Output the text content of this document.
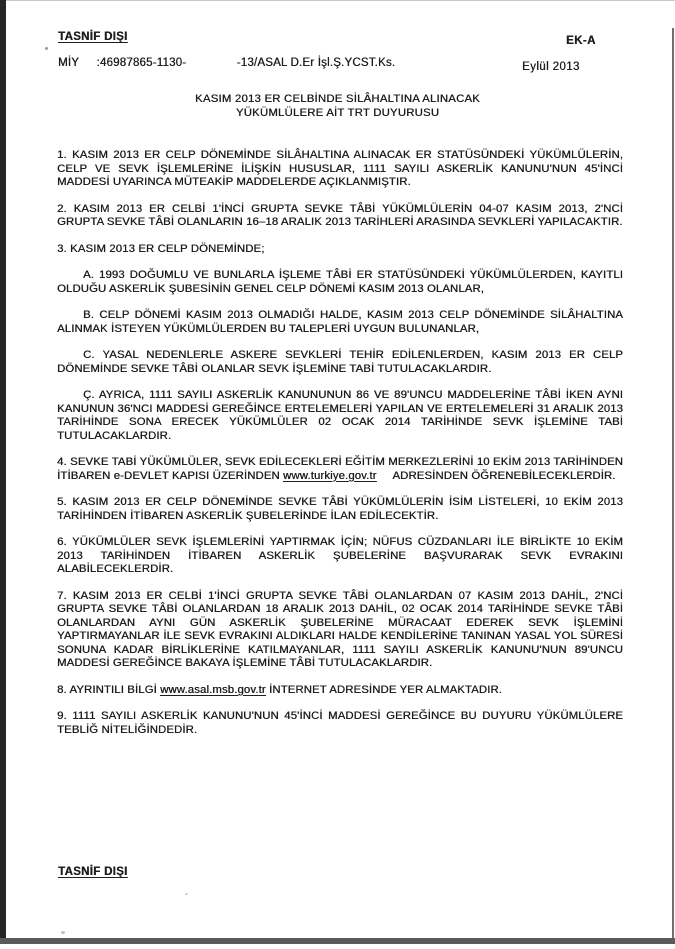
TASNİF DIŞI	EK-A
MİY :46987865-1130-	-13/ASAL D.Er İşl.Ş.YCST.Ks.	Eylül 2013
KASIM 2013 ER CELBİNDE SİLÂHALTINA ALINACAK
YÜKÜMLÜLERE AİT TRT DUYURUSU

1. KASIM 2013 ER CELP DÖNEMİNDE SİLÂHALTINA ALINACAK ER STATÜSÜNDEKİ YÜKÜMLÜLERİN, CELP VE SEVK İŞLEMLERİNE İLİŞKİN HUSUSLAR, 1111 SAYILI ASKERLİK KANUNU'NUN 45'İNCİ MADDESİ UYARINCA MÜTEAKİP MADDELERDE AÇIKLANMIŞTIR.

2. KASIM 2013 ER CELBİ 1'İNCİ GRUPTA SEVKE TÂBİ YÜKÜMLÜLERİN 04-07 KASIM 2013, 2'NCİ GRUPTA SEVKE TÂBİ OLANLARIN 16–18 ARALIK 2013 TARİHLERİ ARASINDA SEVKLERİ YAPILACAKTIR.

3. KASIM 2013 ER CELP DÖNEMİNDE;

A. 1993 DOĞUMLU VE BUNLARLA İŞLEME TÂBİ ER STATÜSÜNDEKİ YÜKÜMLÜLERDEN, KAYITLI OLDUĞU ASKERLİK ŞUBESİNİN GENEL CELP DÖNEMİ KASIM 2013 OLANLAR,

B. CELP DÖNEMİ KASIM 2013 OLMADIĞI HALDE, KASIM 2013 CELP DÖNEMİNDE SİLÂHALTINA ALINMAK İSTEYEN YÜKÜMLÜLERDEN BU TALEPLERİ UYGUN BULUNANLAR,

C. YASAL NEDENLERLE ASKERE SEVKLERİ TEHİR EDİLENLERDEN, KASIM 2013 ER CELP DÖNEMİNDE SEVKE TÂBİ OLANLAR SEVK İŞLEMİNE TABİ TUTULACAKLARDIR.

Ç. AYRICA, 1111 SAYILI ASKERLİK KANUNUNUN 86 VE 89'UNCU MADDELERİNE TÂBİ İKEN AYNI KANUNUN 36'NCI MADDESİ GEREĞİNCE ERTELEMELERİ YAPILAN VE ERTELEMELERİ 31 ARALIK 2013 TARİHİNDE SONA ERECEK YÜKÜMLÜLER 02 OCAK 2014 TARİHİNDE SEVK İŞLEMİNE TABİ TUTULACAKLARDIR.

4. SEVKE TABİ YÜKÜMLÜLER, SEVK EDİLECEKLERİ EĞİTİM MERKEZLERİNİ 10 EKİM 2013 TARİHİNDEN İTİBAREN e-DEVLET KAPISI ÜZERİNDEN www.turkiye.gov.tr     ADRESİNDEN ÖĞRENEBİLECEKLERDİR.

5. KASIM 2013 ER CELP DÖNEMİNDE SEVKE TÂBİ YÜKÜMLÜLERİN İSİM LİSTELERİ, 10 EKİM 2013 TARİHİNDEN İTİBAREN ASKERLİK ŞUBELERİNDE İLAN EDİLECEKTİR.

6. YÜKÜMLÜLER SEVK İŞLEMLERİNİ YAPTIRMAK İÇİN; NÜFUS CÜZDANLARI İLE BİRLİKTE 10 EKİM 2013 TARİHİNDEN İTİBAREN ASKERLİK ŞUBELERİNE BAŞVURARAK SEVK EVRAKINI ALABİLECEKLERDİR.

7. KASIM 2013 ER CELBİ 1'İNCİ GRUPTA SEVKE TÂBİ OLANLARDAN 07 KASIM 2013 DAHİL, 2'NCİ GRUPTA SEVKE TÂBİ OLANLARDAN 18 ARALIK 2013 DAHİL, 02 OCAK 2014 TARİHİNDE SEVKE TÂBİ OLANLARDAN AYNI GÜN ASKERLİK ŞUBELERİNE MÜRACAAT EDEREK SEVK İŞLEMİNİ YAPTIRMAYANLAR İLE SEVK EVRAKINI ALDIKLARI HALDE KENDİLERİNE TANINAN YASAL YOL SÜRESİ SONUNA KADAR BİRLİKLERİNE KATILMAYANLAR, 1111 SAYILI ASKERLİK KANUNU'NUN 89'UNCU MADDESİ GEREĞİNCE BAKAYA İŞLEMİNE TÂBİ TUTULACAKLARDIR.

8. AYRINTILI BİLGİ www.asal.msb.gov.tr İNTERNET ADRESİNDE YER ALMAKTADIR.

9. 1111 SAYILI ASKERLİK KANUNU'NUN 45'İNCİ MADDESİ GEREĞİNCE BU DUYURU YÜKÜMLÜLERE TEBLİĞ NİTELİĞİNDEDİR.

TASNİF DIŞI
